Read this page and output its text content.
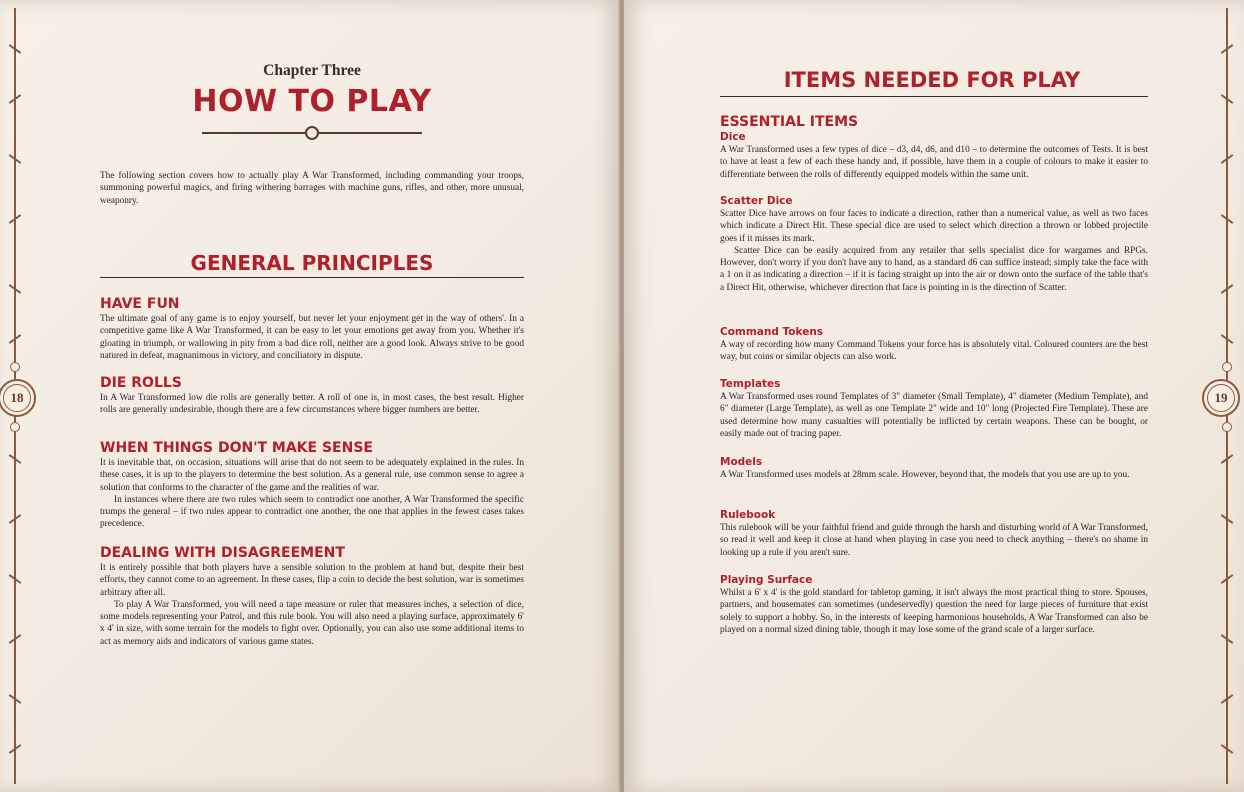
18
Chapter Three
HOW TO PLAY

The following section covers how to actually play A War Transformed, including commanding your troops, summoning powerful magics, and firing withering barrages with machine guns, rifles, and other, more unusual, weaponry.

GENERAL PRINCIPLES

HAVE FUN

The ultimate goal of any game is to enjoy yourself, but never let your enjoyment get in the way of others'. In a competitive game like A War Transformed, it can be easy to let your emotions get away from you. Whether it's gloating in triumph, or wallowing in pity from a bad dice roll, neither are a good look. Always strive to be good natured in defeat, magnanimous in victory, and conciliatory in dispute.

DIE ROLLS

In A War Transformed low die rolls are generally better. A roll of one is, in most cases, the best result. Higher rolls are generally undesirable, though there are a few circumstances where bigger numbers are better.

WHEN THINGS DON'T MAKE SENSE

It is inevitable that, on occasion, situations will arise that do not seem to be adequately explained in the rules. In these cases, it is up to the players to determine the best solution. As a general rule, use common sense to agree a solution that conforms to the character of the game and the realities of war.

In instances where there are two rules which seem to contradict one another, A War Transformed the specific trumps the general – if two rules appear to contradict one another, the one that applies in the fewest cases takes precedence.

DEALING WITH DISAGREEMENT

It is entirely possible that both players have a sensible solution to the problem at hand but, despite their best efforts, they cannot come to an agreement. In these cases, flip a coin to decide the best solution, war is sometimes arbitrary after all.

To play A War Transformed, you will need a tape measure or ruler that measures inches, a selection of dice, some models representing your Patrol, and this rule book. You will also need a playing surface, approximately 6' x 4' in size, with some terrain for the models to fight over. Optionally, you can also use some additional items to act as memory aids and indicators of various game states.

19
ITEMS NEEDED FOR PLAY

ESSENTIAL ITEMS

Dice

A War Transformed uses a few types of dice – d3, d4, d6, and d10 – to determine the outcomes of Tests. It is best to have at least a few of each these handy and, if possible, have them in a couple of colours to make it easier to differentiate between the rolls of differently equipped models within the same unit.

Scatter Dice

Scatter Dice have arrows on four faces to indicate a direction, rather than a numerical value, as well as two faces which indicate a Direct Hit. These special dice are used to select which direction a thrown or lobbed projectile goes if it misses its mark.

Scatter Dice can be easily acquired from any retailer that sells specialist dice for wargames and RPGs. However, don't worry if you don't have any to hand, as a standard d6 can suffice instead; simply take the face with a 1 on it as indicating a direction – if it is facing straight up into the air or down onto the surface of the table that's a Direct Hit, otherwise, whichever direction that face is pointing in is the direction of Scatter.

Command Tokens

A way of recording how many Command Tokens your force has is absolutely vital. Coloured counters are the best way, but coins or similar objects can also work.

Templates

A War Transformed uses round Templates of 3" diameter (Small Template), 4" diameter (Medium Template), and 6" diameter (Large Template), as well as one Template 2" wide and 10" long (Projected Fire Template). These are used determine how many casualties will potentially be inflicted by certain weapons. These can be bought, or easily made out of tracing paper.

Models

A War Transformed uses models at 28mm scale. However, beyond that, the models that you use are up to you.

Rulebook

This rulebook will be your faithful friend and guide through the harsh and disturbing world of A War Transformed, so read it well and keep it close at hand when playing in case you need to check anything – there's no shame in looking up a rule if you aren't sure.

Playing Surface

Whilst a 6' x 4' is the gold standard for tabletop gaming, it isn't always the most practical thing to store. Spouses, partners, and housemates can sometimes (undeservedly) question the need for large pieces of furniture that exist solely to support a hobby. So, in the interests of keeping harmonious households, A War Transformed can also be played on a normal sized dining table, though it may lose some of the grand scale of a larger surface.
